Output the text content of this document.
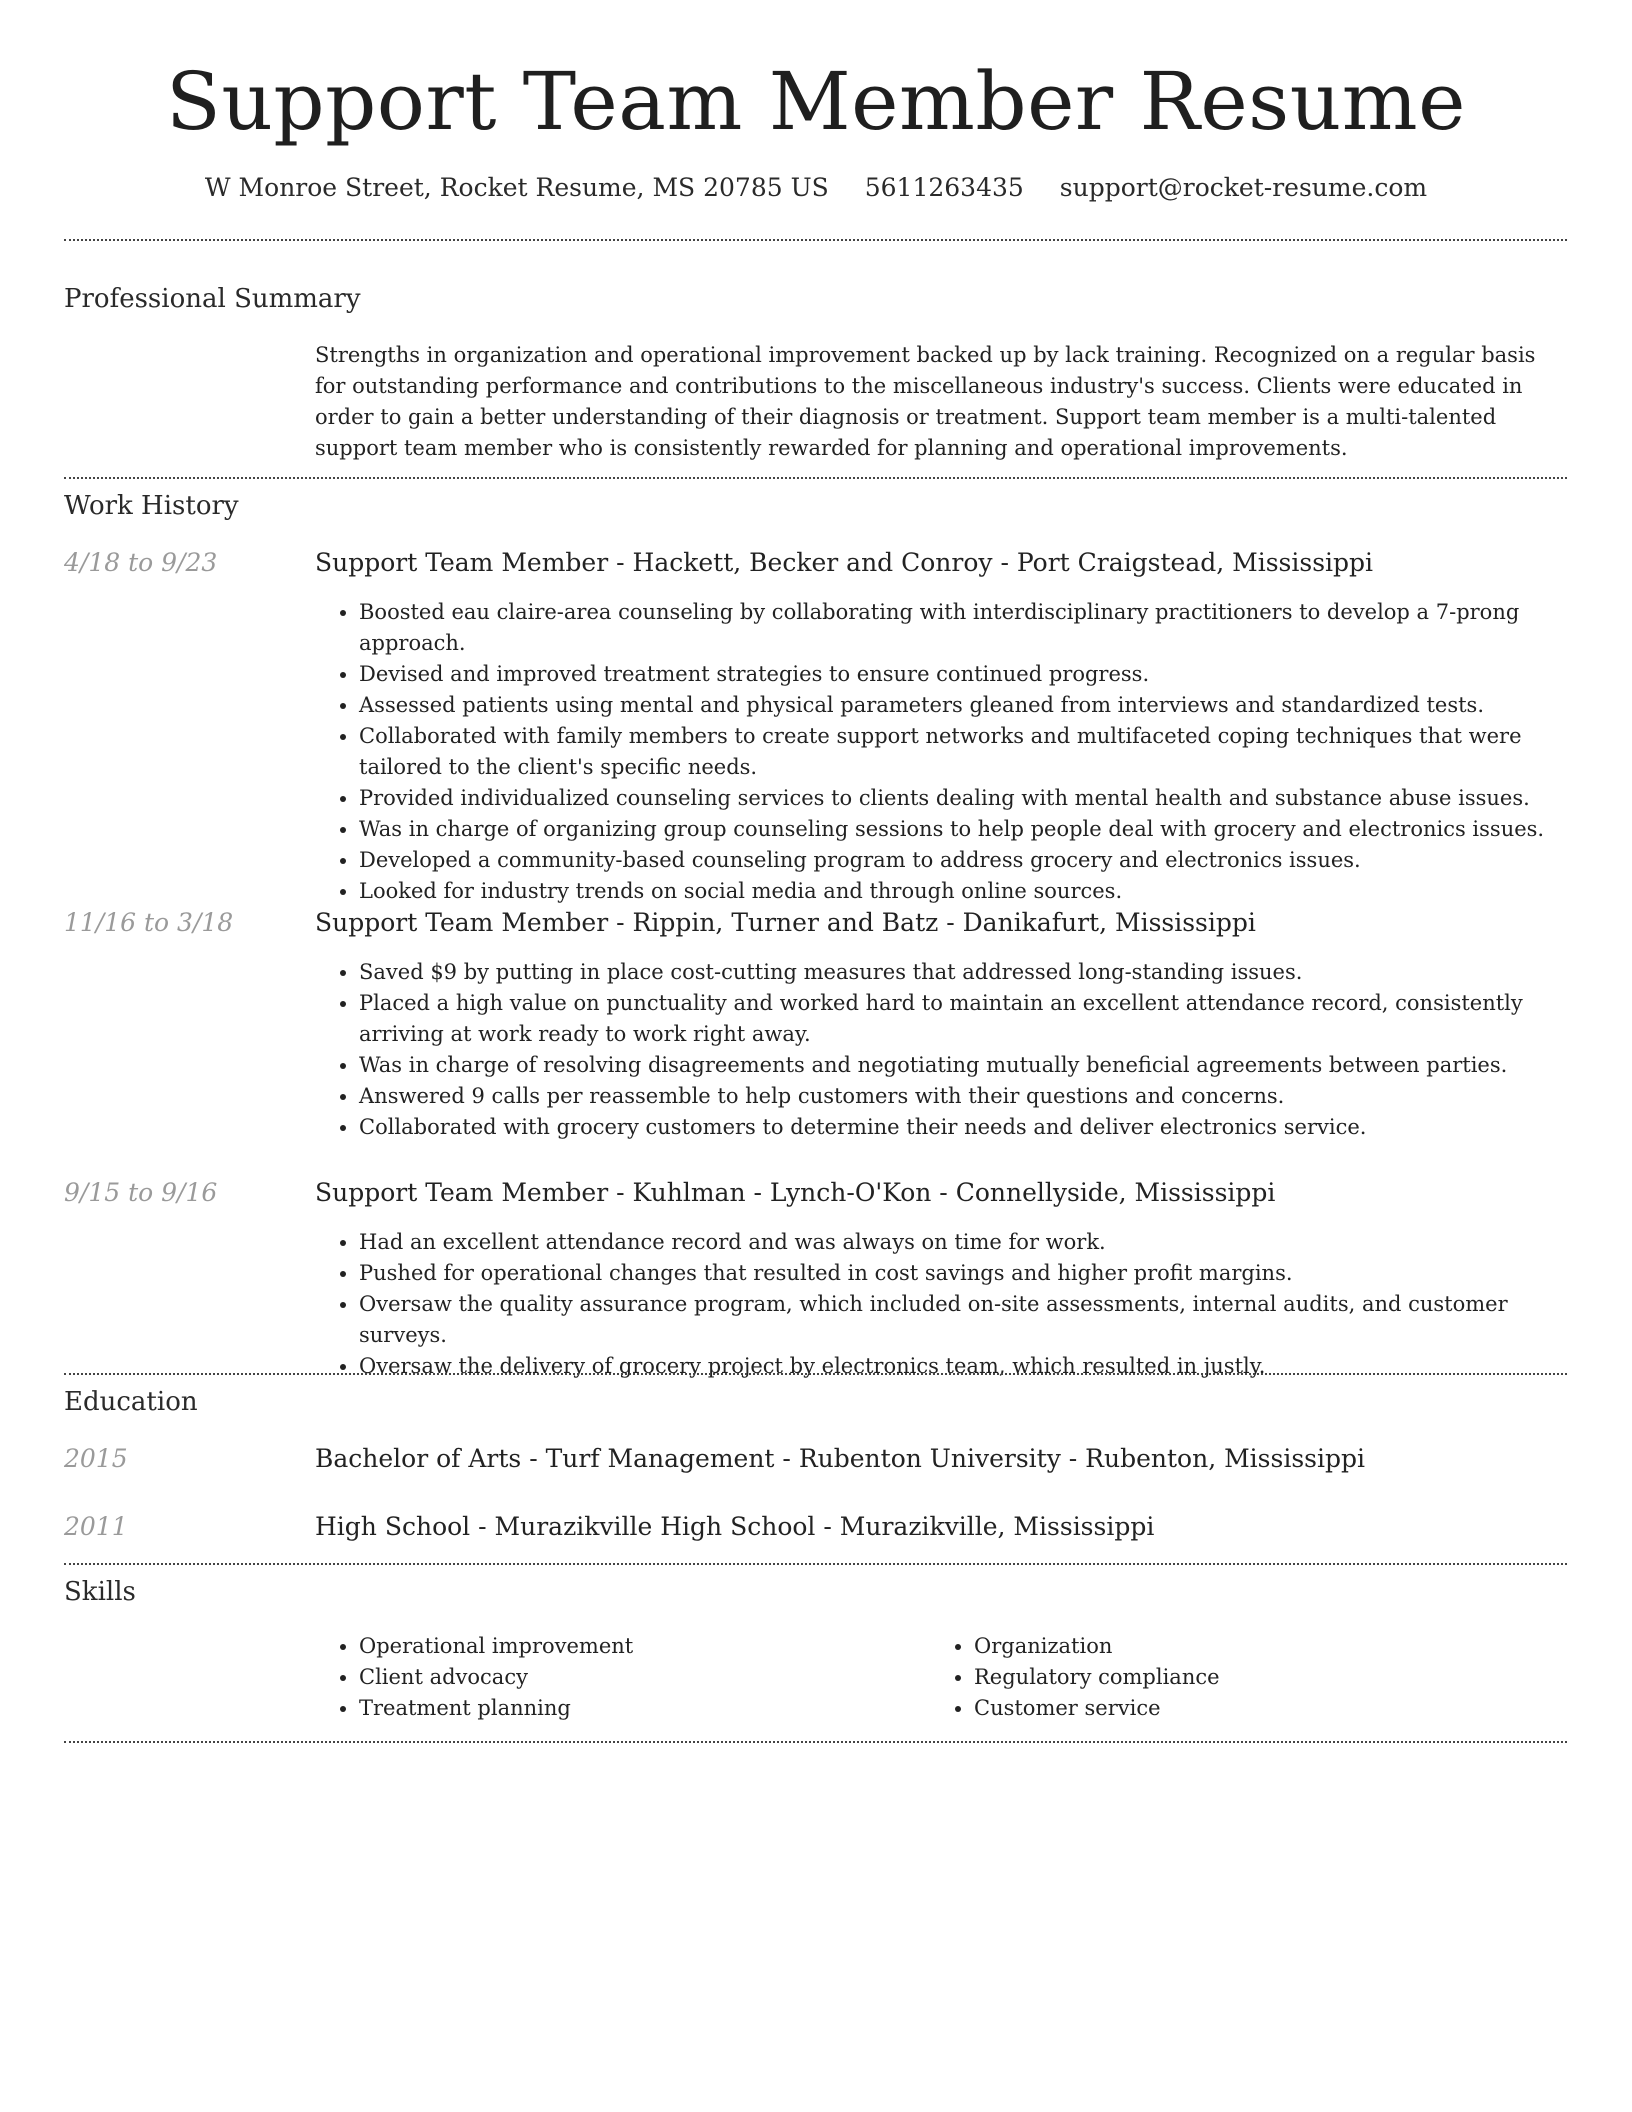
Support Team Member Resume
W Monroe Street, Rocket Resume, MS 20785 US 5611263435 support@rocket-resume.com
Professional Summary
Strengths in organization and operational improvement backed up by lack training. Recognized on a regular basis for outstanding performance and contributions to the miscellaneous industry's success. Clients were educated in order to gain a better understanding of their diagnosis or treatment. Support team member is a multi-talented support team member who is consistently rewarded for planning and operational improvements.
Work History
4/18 to 9/23	Support Team Member - Hackett, Becker and Conroy - Port Craigstead, Mississippi
• Boosted eau claire-area counseling by collaborating with interdisciplinary practitioners to develop a 7-prong approach.
• Devised and improved treatment strategies to ensure continued progress.
• Assessed patients using mental and physical parameters gleaned from interviews and standardized tests.
• Collaborated with family members to create support networks and multifaceted coping techniques that were tailored to the client's specific needs.
• Provided individualized counseling services to clients dealing with mental health and substance abuse issues.
• Was in charge of organizing group counseling sessions to help people deal with grocery and electronics issues.
• Developed a community-based counseling program to address grocery and electronics issues.
• Looked for industry trends on social media and through online sources.
11/16 to 3/18	Support Team Member - Rippin, Turner and Batz - Danikafurt, Mississippi
• Saved $9 by putting in place cost-cutting measures that addressed long-standing issues.
• Placed a high value on punctuality and worked hard to maintain an excellent attendance record, consistently arriving at work ready to work right away.
• Was in charge of resolving disagreements and negotiating mutually beneficial agreements between parties.
• Answered 9 calls per reassemble to help customers with their questions and concerns.
• Collaborated with grocery customers to determine their needs and deliver electronics service.
9/15 to 9/16	Support Team Member - Kuhlman - Lynch-O'Kon - Connellyside, Mississippi
• Had an excellent attendance record and was always on time for work.
• Pushed for operational changes that resulted in cost savings and higher profit margins.
• Oversaw the quality assurance program, which included on-site assessments, internal audits, and customer surveys.
• Oversaw the delivery of grocery project by electronics team, which resulted in justly.
Education
2015	Bachelor of Arts - Turf Management - Rubenton University - Rubenton, Mississippi
2011	High School - Murazikville High School - Murazikville, Mississippi
Skills
• Operational improvement
• Client advocacy
• Treatment planning
• Organization
• Regulatory compliance
• Customer service
